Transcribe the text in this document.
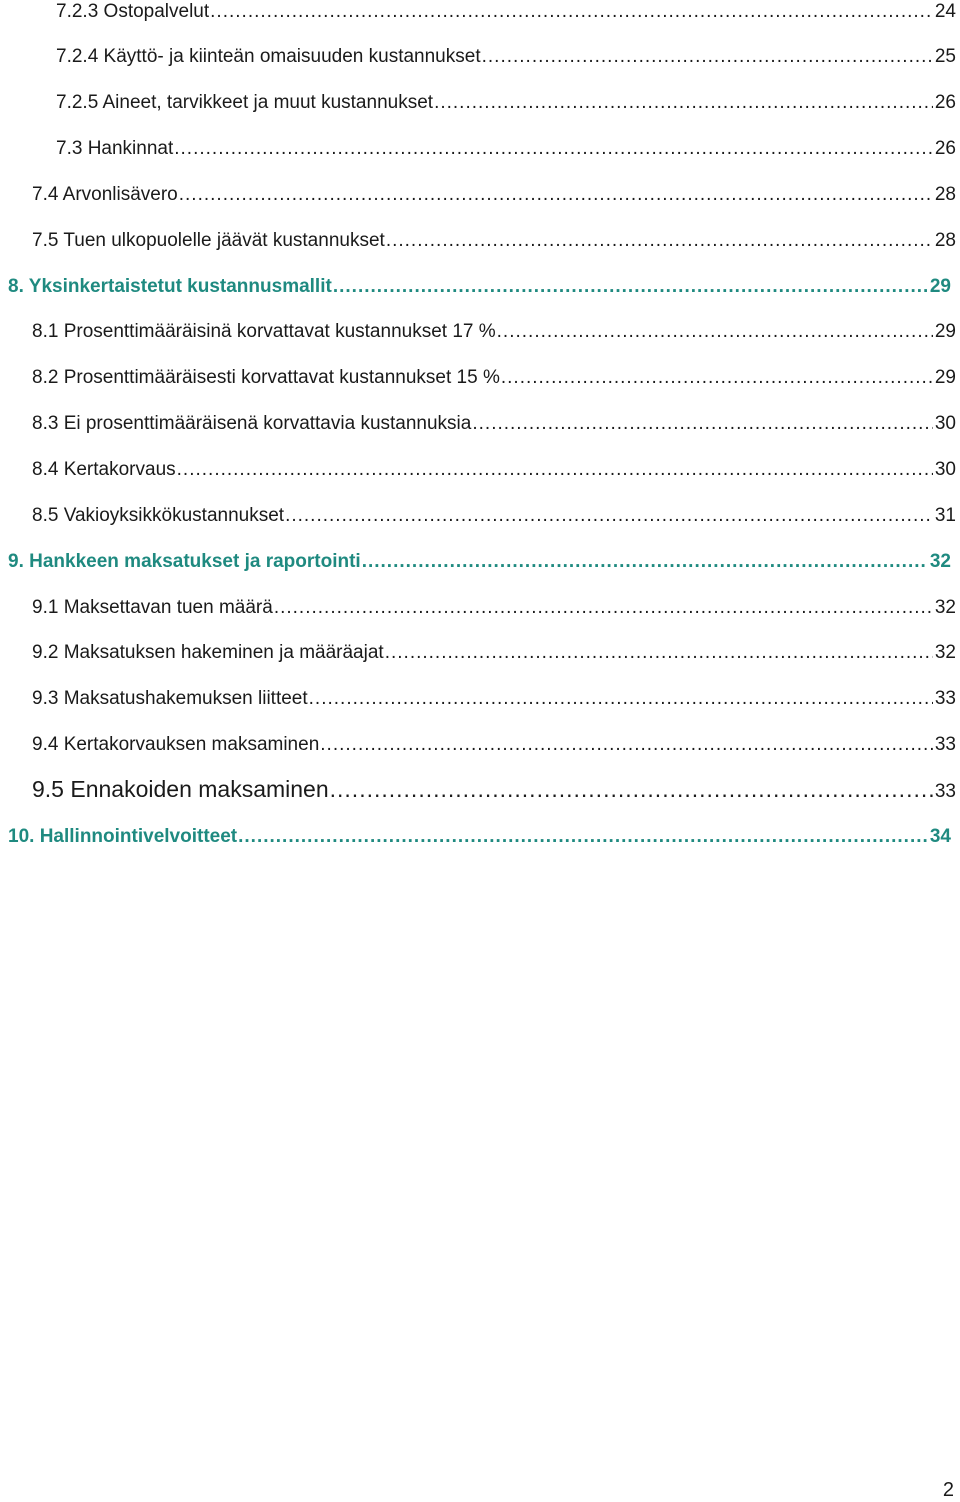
7.2.3 Ostopalvelut .....	24
7.2.4 Käyttö- ja kiinteän omaisuuden kustannukset .....	25
7.2.5 Aineet, tarvikkeet ja muut kustannukset .....	26
7.3 Hankinnat .....	26
7.4 Arvonlisävero .....	28
7.5 Tuen ulkopuolelle jäävät kustannukset .....	28
8. Yksinkertaistetut kustannusmallit .....	29
8.1 Prosenttimääräisinä korvattavat kustannukset 17 % .....	29
8.2 Prosenttimääräisesti korvattavat kustannukset 15 % .....	29
8.3 Ei prosenttimääräisenä korvattavia kustannuksia .....	30
8.4 Kertakorvaus .....	30
8.5 Vakioyksikkökustannukset .....	31
9. Hankkeen maksatukset ja raportointi .....	32
9.1 Maksettavan tuen määrä .....	32
9.2 Maksatuksen hakeminen ja määräajat .....	32
9.3 Maksatushakemuksen liitteet .....	33
9.4 Kertakorvauksen maksaminen .....	33
9.5 Ennakoiden maksaminen .....	33
10. Hallinnointivelvoitteet .....	34
2
